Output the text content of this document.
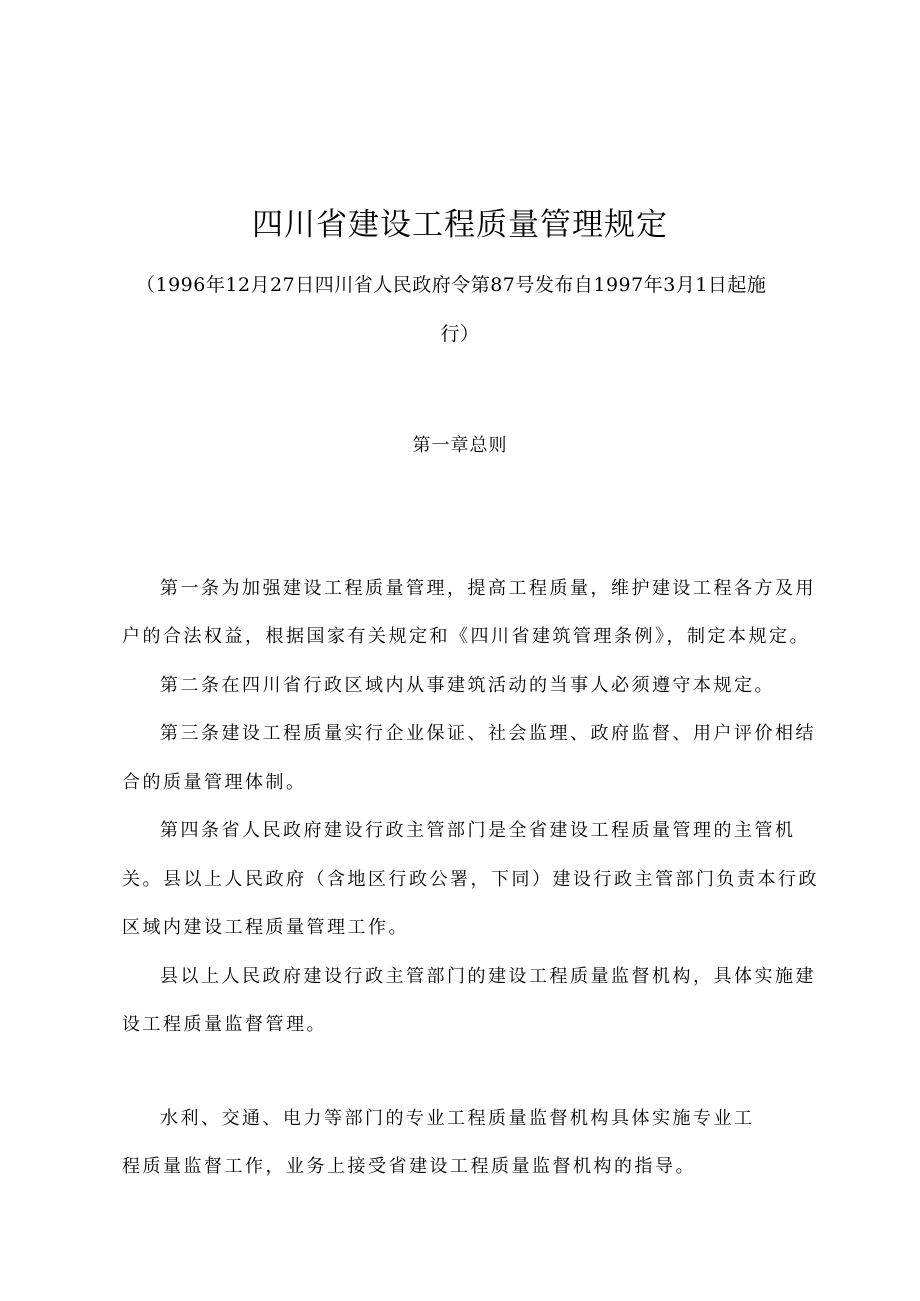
四川省建设工程质量管理规定
（1996年12月27日四川省人民政府令第87号发布自1997年3月1日起施
行）
第一章总则
第一条为加强建设工程质量管理，提高工程质量，维护建设工程各方及用
户的合法权益，根据国家有关规定和《四川省建筑管理条例》，制定本规定。
第二条在四川省行政区域内从事建筑活动的当事人必须遵守本规定。
第三条建设工程质量实行企业保证、社会监理、政府监督、用户评价相结
合的质量管理体制。
第四条省人民政府建设行政主管部门是全省建设工程质量管理的主管机
关。县以上人民政府（含地区行政公署，下同）建设行政主管部门负责本行政
区域内建设工程质量管理工作。
县以上人民政府建设行政主管部门的建设工程质量监督机构，具体实施建
设工程质量监督管理。
水利、交通、电力等部门的专业工程质量监督机构具体实施专业工
程质量监督工作，业务上接受省建设工程质量监督机构的指导。
